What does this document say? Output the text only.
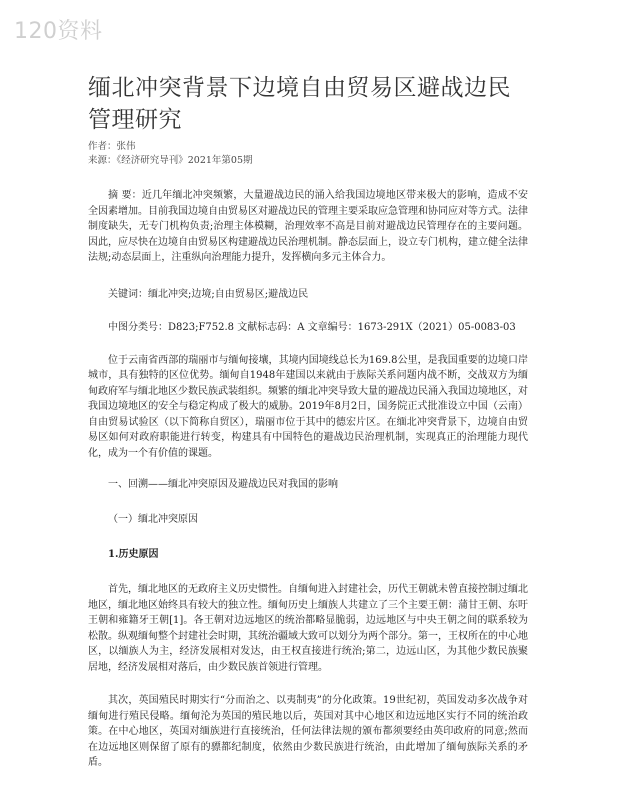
120资料
缅北冲突背景下边境自由贸易区避战边民管理研究
作者：张伟
来源：《经济研究导刊》2021年第05期

摘 要：近几年缅北冲突频繁，大量避战边民的涌入给我国边境地区带来极大的影响，造成不安全因素增加。目前我国边境自由贸易区对避战边民的管理主要采取应急管理和协同应对等方式。法律制度缺失，无专门机构负责;治理主体模糊，治理效率不高是目前对避战边民管理存在的主要问题。因此，应尽快在边境自由贸易区构建避战边民治理机制。静态层面上，设立专门机构，建立健全法律法规;动态层面上，注重纵向治理能力提升，发挥横向多元主体合力。

关键词：缅北冲突;边境;自由贸易区;避战边民
中图分类号：D823;F752.8 文献标志码：A 文章编号：1673-291X（2021）05-0083-03

位于云南省西部的瑞丽市与缅甸接壤，其境内国境线总长为169.8公里，是我国重要的边境口岸城市，具有独特的区位优势。缅甸自1948年建国以来就由于族际关系问题内战不断，交战双方为缅甸政府军与缅北地区少数民族武装组织。频繁的缅北冲突导致大量的避战边民涌入我国边境地区，对我国边境地区的安全与稳定构成了极大的威胁。2019年8月2日，国务院正式批准设立中国（云南）自由贸易试验区（以下简称自贸区），瑞丽市位于其中的德宏片区。在缅北冲突背景下，边境自由贸易区如何对政府职能进行转变，构建具有中国特色的避战边民治理机制，实现真正的治理能力现代化，成为一个有价值的课题。

一、回溯——缅北冲突原因及避战边民对我国的影响
（一）缅北冲突原因
1.历史原因

首先，缅北地区的无政府主义历史惯性。自缅甸进入封建社会，历代王朝就未曾直接控制过缅北地区，缅北地区始终具有较大的独立性。缅甸历史上缅族人共建立了三个主要王朝：蒲甘王朝、东吁王朝和雍籍牙王朝[1]。各王朝对边远地区的统治都略显脆弱，边远地区与中央王朝之间的联系较为松散。纵观缅甸整个封建社会时期，其统治疆域大致可以划分为两个部分。第一，王权所在的中心地区，以缅族人为主，经济发展相对发达，由王权直接进行统治;第二，边远山区，为其他少数民族聚居地，经济发展相对落后，由少数民族首领进行管理。

其次，英国殖民时期实行“分而治之、以夷制夷”的分化政策。19世纪初，英国发动多次战争对缅甸进行殖民侵略。缅甸沦为英国的殖民地以后，英国对其中心地区和边远地区实行不同的统治政策。在中心地区，英国对缅族进行直接统治，任何法律法规的颁布都须要经由英印政府的同意;然而在边远地区则保留了原有的骠都纪制度，依然由少数民族进行统治，由此增加了缅甸族际关系的矛盾。
